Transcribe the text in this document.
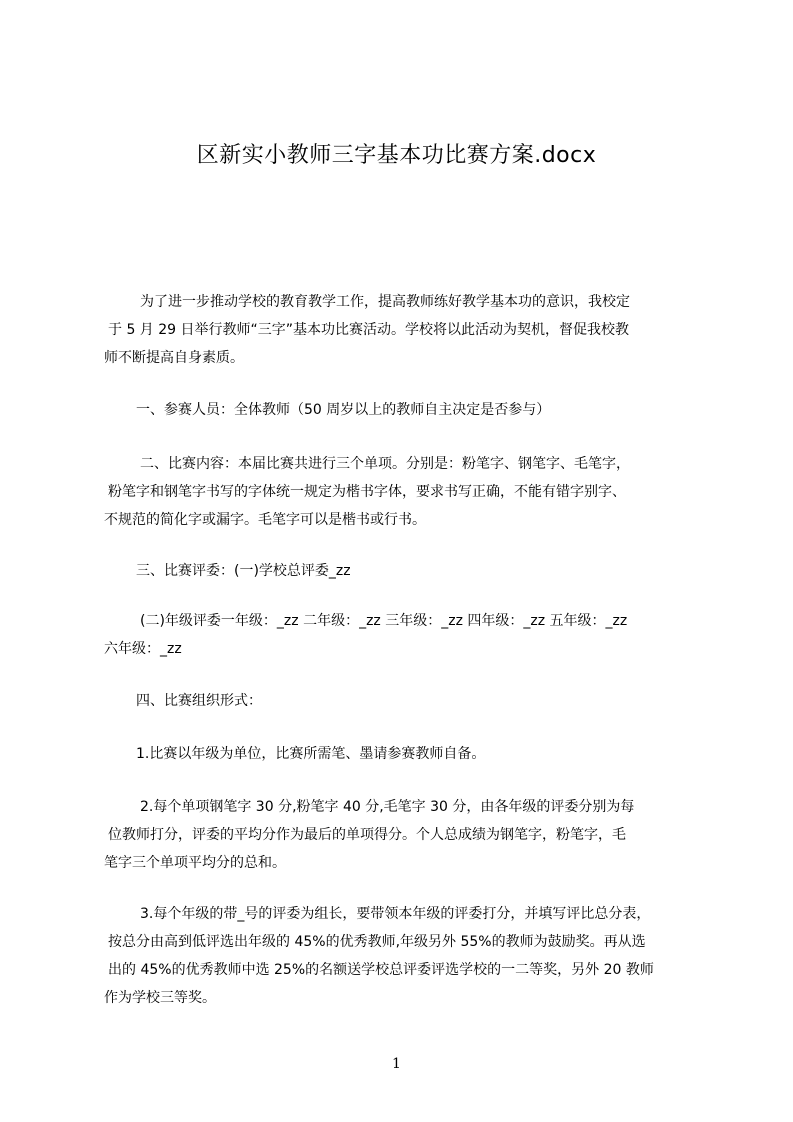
区新实小教师三字基本功比赛方案.docx
为了进一步推动学校的教育教学工作，提高教师练好教学基本功的意识，我校定
于 5 月 29 日举行教师“三字”基本功比赛活动。学校将以此活动为契机，督促我校教
师不断提高自身素质。
一、参赛人员：全体教师（50 周岁以上的教师自主决定是否参与）
二、比赛内容：本届比赛共进行三个单项。分别是：粉笔字、钢笔字、毛笔字，
粉笔字和钢笔字书写的字体统一规定为楷书字体，要求书写正确，不能有错字别字、
不规范的简化字或漏字。毛笔字可以是楷书或行书。
三、比赛评委：(一)学校总评委_zz
(二)年级评委一年级：_zz 二年级：_zz 三年级：_zz 四年级：_zz 五年级：_zz
六年级：_zz
四、比赛组织形式：
1.比赛以年级为单位，比赛所需笔、墨请参赛教师自备。
2.每个单项钢笔字 30 分,粉笔字 40 分,毛笔字 30 分，由各年级的评委分别为每
位教师打分，评委的平均分作为最后的单项得分。个人总成绩为钢笔字，粉笔字，毛
笔字三个单项平均分的总和。
3.每个年级的带_号的评委为组长，要带领本年级的评委打分，并填写评比总分表，
按总分由高到低评选出年级的 45%的优秀教师,年级另外 55%的教师为鼓励奖。再从选
出的 45%的优秀教师中选 25%的名额送学校总评委评选学校的一二等奖，另外 20 教师
作为学校三等奖。
1
